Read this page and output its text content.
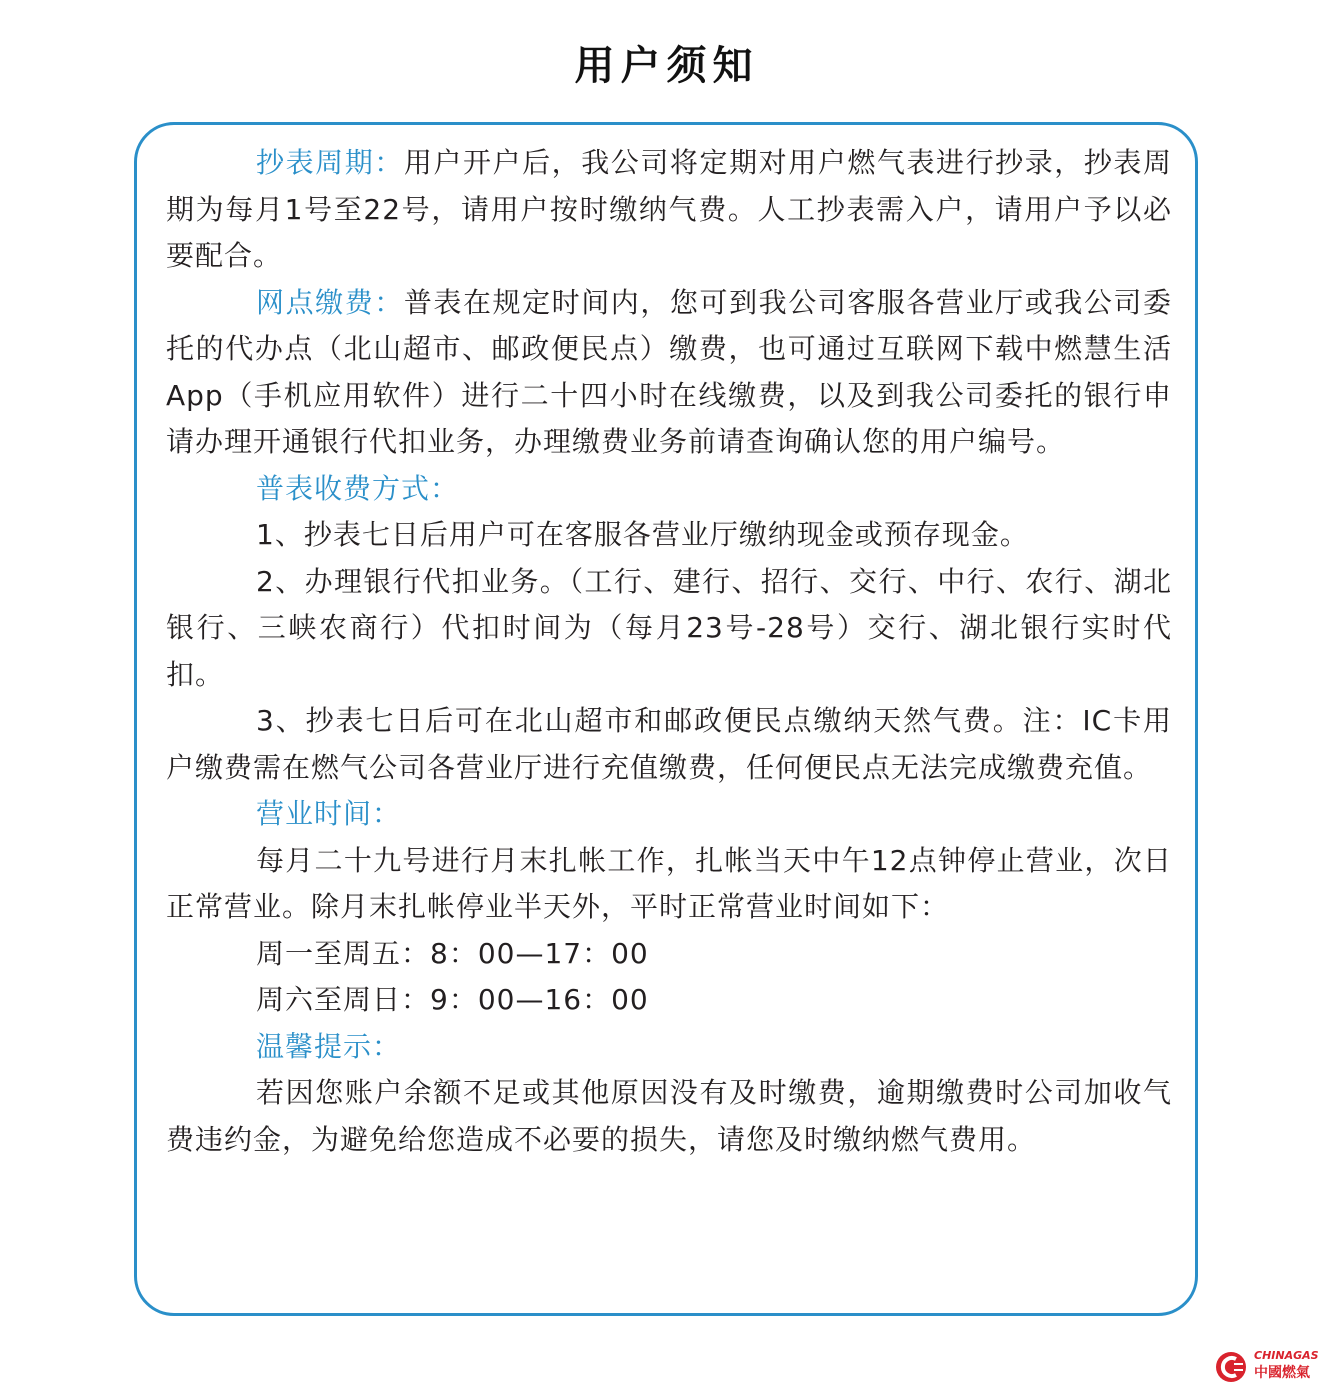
用户须知

抄表周期：用户开户后，我公司将定期对用户燃气表进行抄录，抄表周期为每月1号至22号，请用户按时缴纳气费。人工抄表需入户，请用户予以必要配合。

网点缴费：普表在规定时间内，您可到我公司客服各营业厅或我公司委托的代办点（北山超市、邮政便民点）缴费，也可通过互联网下载中燃慧生活App（手机应用软件）进行二十四小时在线缴费，以及到我公司委托的银行申请办理开通银行代扣业务，办理缴费业务前请查询确认您的用户编号。

普表收费方式：

1、抄表七日后用户可在客服各营业厅缴纳现金或预存现金。

2、办理银行代扣业务。（工行、建行、招行、交行、中行、农行、湖北银行、三峡农商行）代扣时间为（每月23号-28号）交行、湖北银行实时代扣。

3、抄表七日后可在北山超市和邮政便民点缴纳天然气费。注：IC卡用户缴费需在燃气公司各营业厅进行充值缴费，任何便民点无法完成缴费充值。

营业时间：

每月二十九号进行月末扎帐工作，扎帐当天中午12点钟停止营业，次日正常营业。除月末扎帐停业半天外，平时正常营业时间如下：

周一至周五：8：00—17：00

周六至周日：9：00—16：00

温馨提示：

若因您账户余额不足或其他原因没有及时缴费，逾期缴费时公司加收气费违约金，为避免给您造成不必要的损失，请您及时缴纳燃气费用。

CHINAGAS
中國燃氣
